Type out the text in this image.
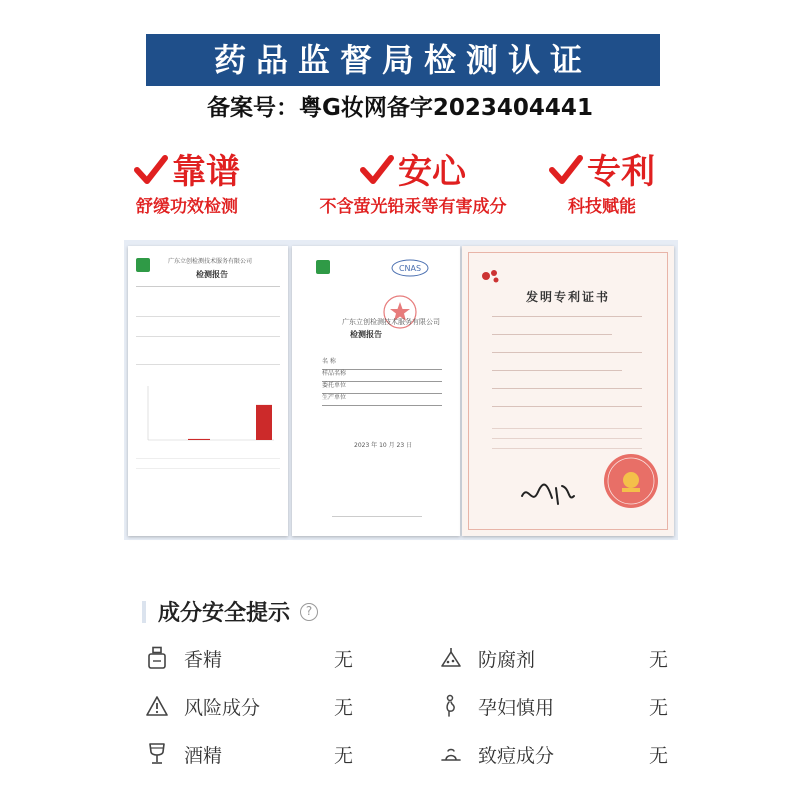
药品监督局检测认证
备案号：粤G妆网备字2023404441
靠谱
舒缓功效检测
安心
不含萤光铅汞等有害成分
专利
科技赋能
广东立创检测技术服务有限公司
检测报告
CNAS
广东立创检测技术服务有限公司
检测报告
名 称
样品名称
委托单位
生产单位
2023 年 10 月 23 日
发明专利证书
成分安全提示	?
香精	无	防腐剂	无
风险成分	无	孕妇慎用	无
酒精	无	致痘成分	无
